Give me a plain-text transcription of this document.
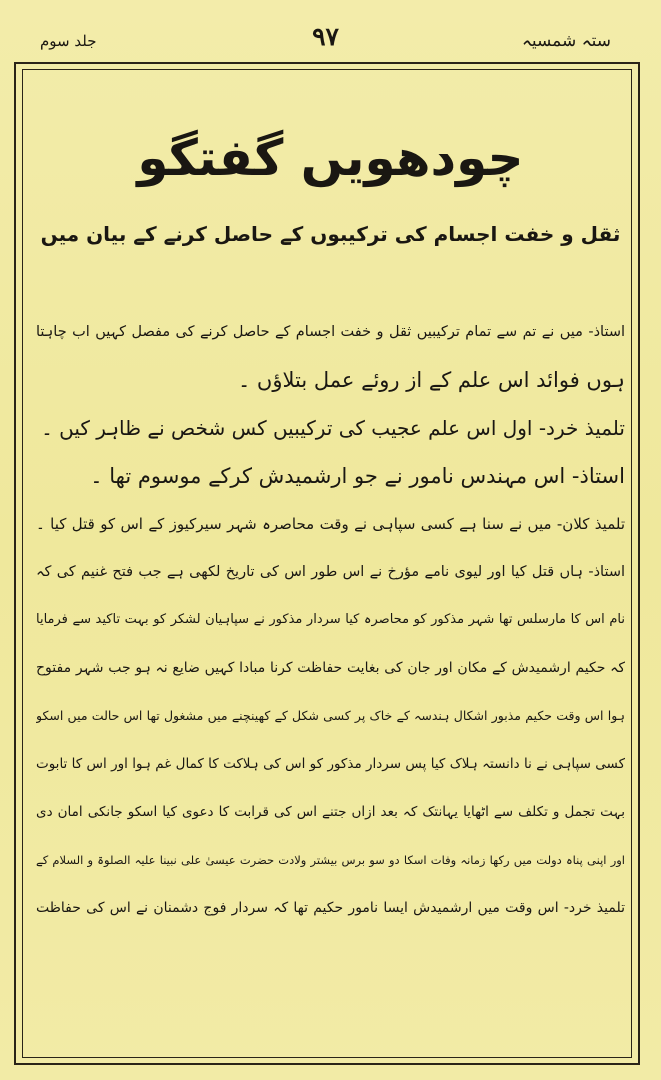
ستہ شمسیہ
۹۷
جلد سوم
چودھویں گفتگو
ثقل و خفت اجسام کی ترکیبوں کے حاصل کرنے کے بیان میں
استاذ- میں نے تم سے تمام ترکیبیں ثقل و خفت اجسام کے حاصل کرنے کی مفصل کہیں اب چاہتا
ہوں فوائد اس علم کے از روئے عمل بتلاؤں ۔
تلمیذ خرد- اول اس علم عجیب کی ترکیبیں کس شخص نے ظاہر کیں ۔
استاذ- اس مہندس نامور نے جو ارشمیدش کرکے موسوم تھا ۔
تلمیذ کلان- میں نے سنا ہے کسی سپاہی نے وقت محاصرہ شہر سیرکیوز کے اس کو قتل کیا ۔
استاذ- ہاں قتل کیا اور لیوی نامے مؤرخ نے اس طور اس کی تاریخ لکھی ہے جب فتح غنیم کی کہ
نام اس کا مارسلس تھا شہر مذکور کو محاصرہ کیا سردار مذکور نے سپاہیان لشکر کو بہت تاکید سے فرمایا
کہ حکیم ارشمیدش کے مکان اور جان کی بغایت حفاظت کرنا مبادا کہیں ضایع نہ ہو جب شہر مفتوح
ہوا اس وقت حکیم مذبور اشکال ہندسہ کے خاک پر کسی شکل کے کھینچنے میں مشغول تھا اس حالت میں اسکو
کسی سپاہی نے نا دانستہ ہلاک کیا پس سردار مذکور کو اس کی ہلاکت کا کمال غم ہوا اور اس کا تابوت
بہت تجمل و تکلف سے اٹھایا یہانتک کہ بعد ازاں جتنے اس کی قرابت کا دعوی کیا اسکو جانکی امان دی
اور اپنی پناہ دولت میں رکھا زمانہ وفات اسکا دو سو برس بیشتر ولادت حضرت عیسیٰ علی نبینا علیہ الصلوۃ و السلام کے
تلمیذ خرد- اس وقت میں ارشمیدش ایسا نامور حکیم تھا کہ سردار فوج دشمنان نے اس کی حفاظت
